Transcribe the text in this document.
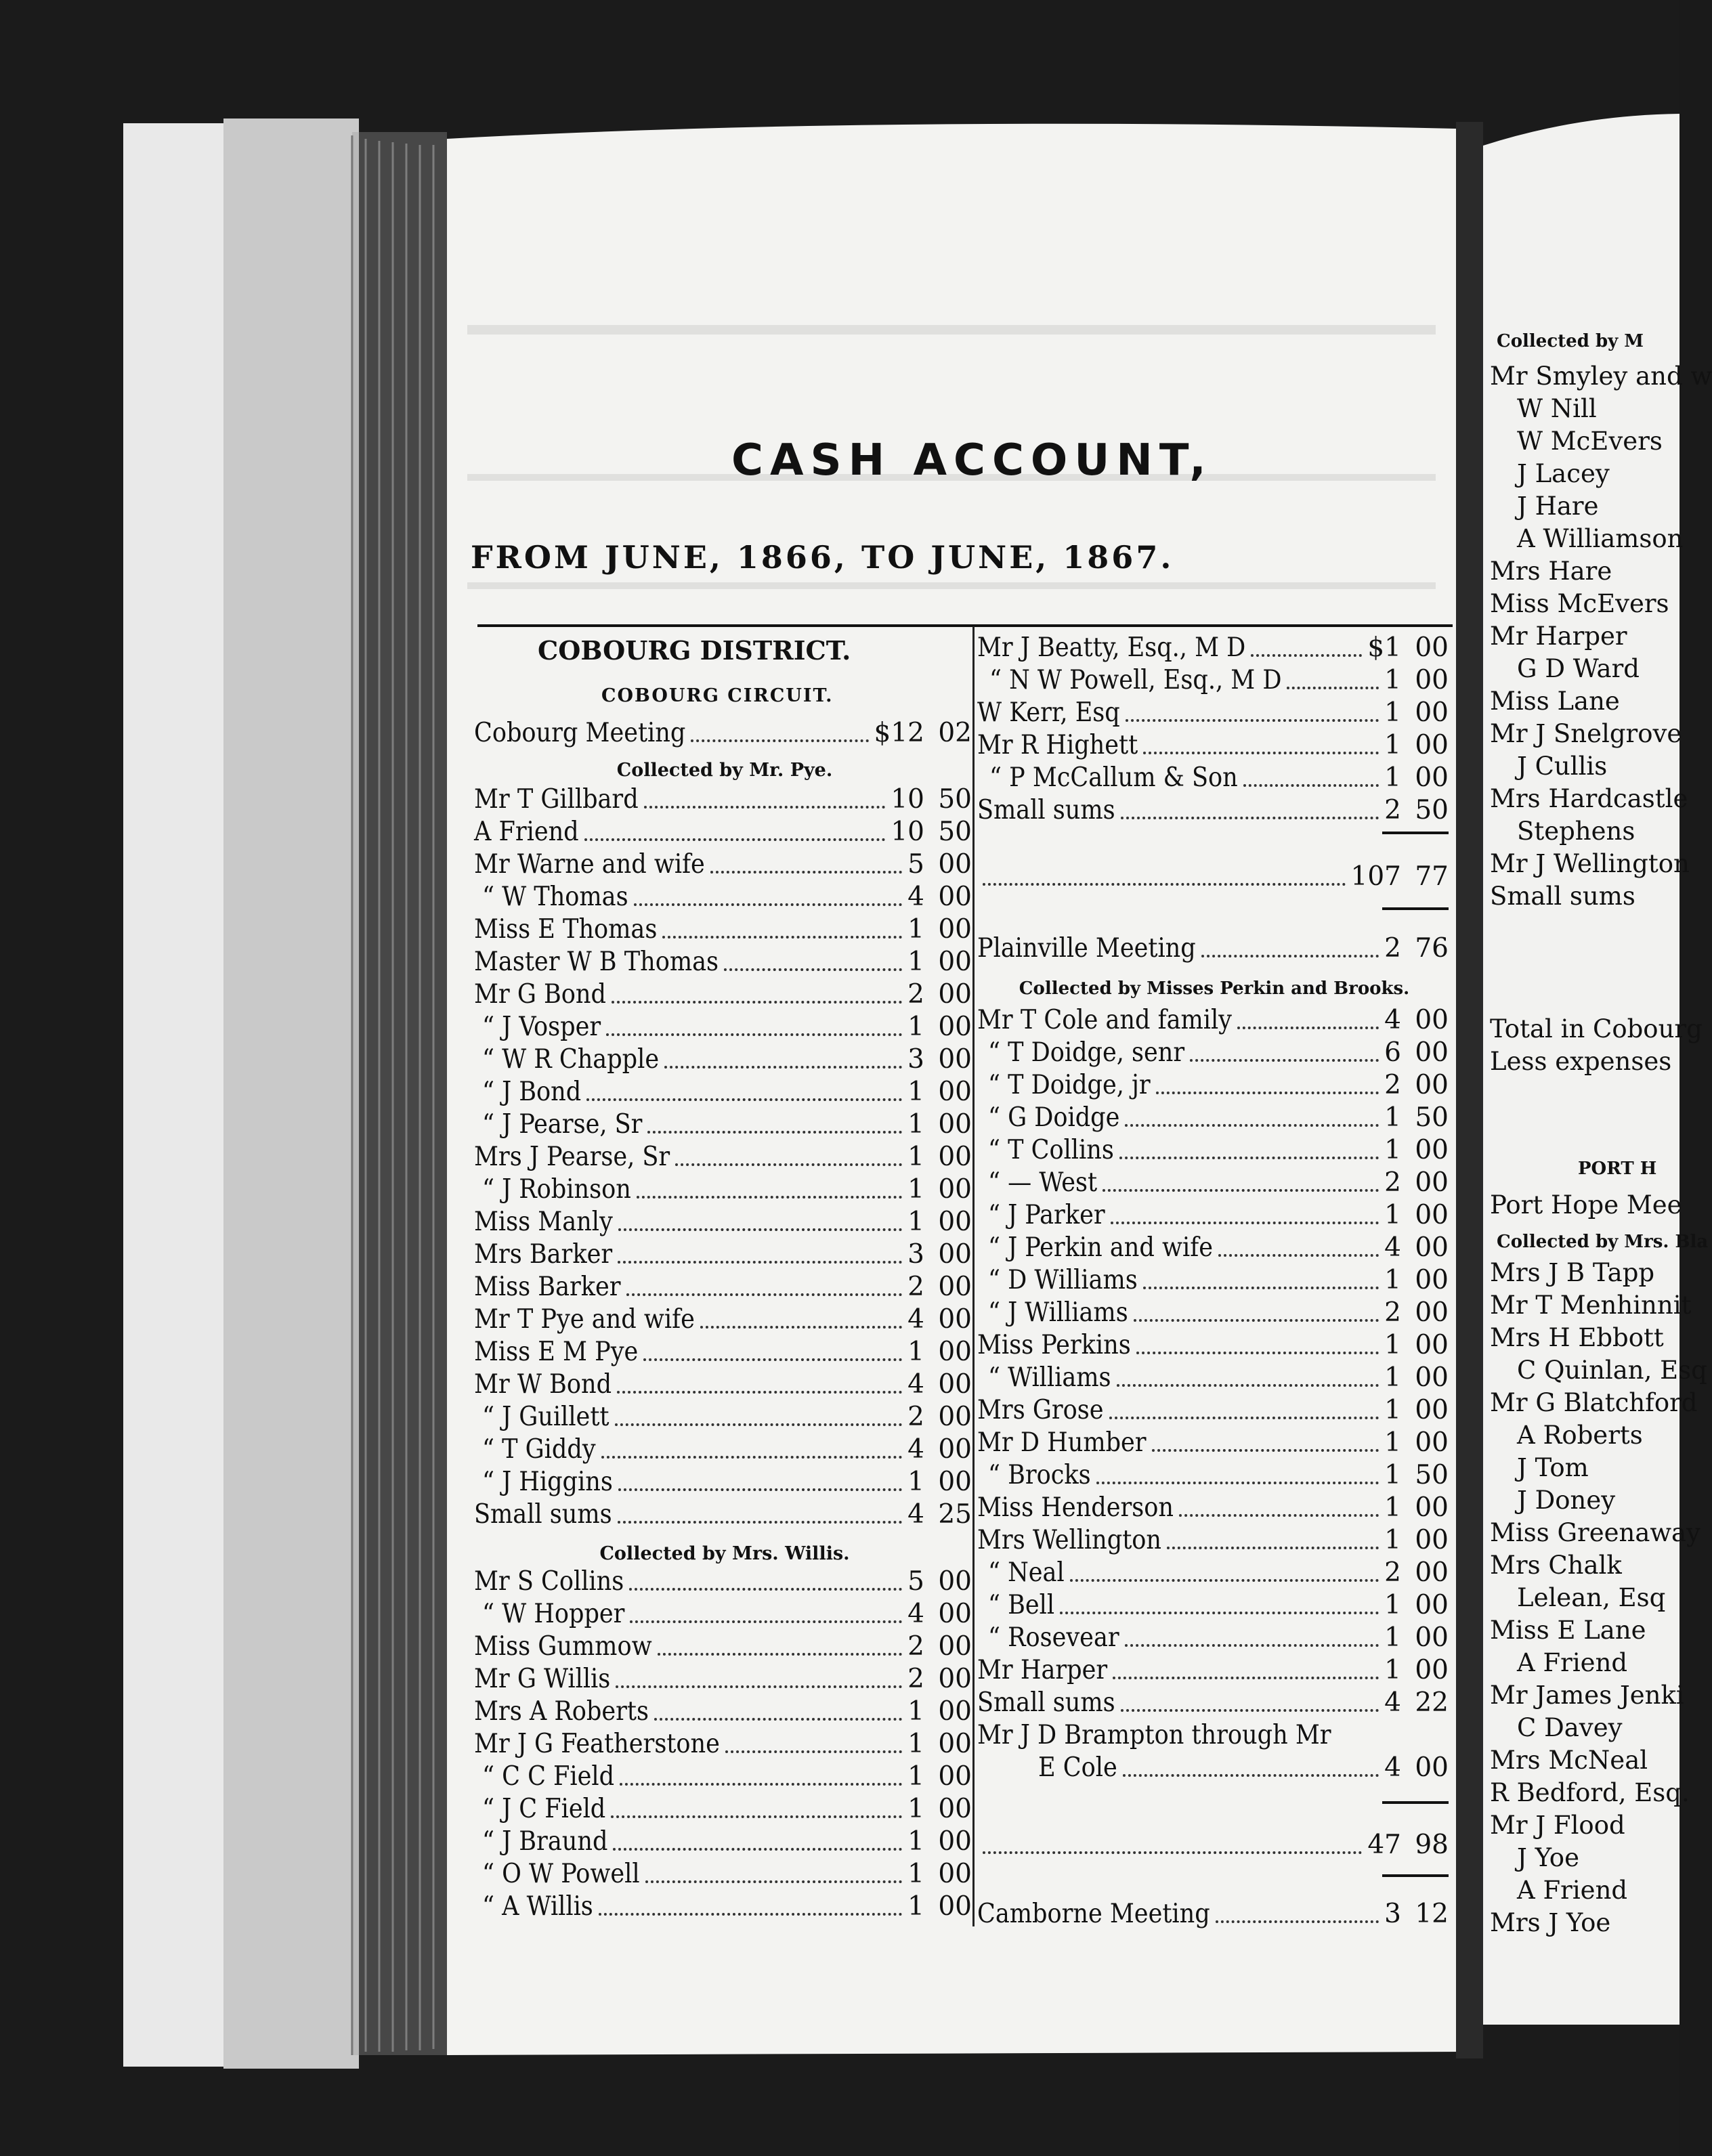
CASH ACCOUNT,
FROM JUNE, 1866, TO JUNE, 1867.
COBOURG DISTRICT.
COBOURG CIRCUIT.
Cobourg Meeting	$12 02
Collected by Mr. Pye.
Mr T Gillbard	10 50
A Friend	10 50
Mr Warne and wife	5 00
“ W Thomas	4 00
Miss E Thomas	1 00
Master W B Thomas	1 00
Mr G Bond	2 00
“ J Vosper	1 00
“ W R Chapple	3 00
“ J Bond	1 00
“ J Pearse, Sr	1 00
Mrs J Pearse, Sr	1 00
“ J Robinson	1 00
Miss Manly	1 00
Mrs Barker	3 00
Miss Barker	2 00
Mr T Pye and wife	4 00
Miss E M Pye	1 00
Mr W Bond	4 00
“ J Guillett	2 00
“ T Giddy	4 00
“ J Higgins	1 00
Small sums	4 25
Collected by Mrs. Willis.
Mr S Collins	5 00
“ W Hopper	4 00
Miss Gummow	2 00
Mr G Willis	2 00
Mrs A Roberts	1 00
Mr J G Featherstone	1 00
“ C C Field	1 00
“ J C Field	1 00
“ J Braund	1 00
“ O W Powell	1 00
“ A Willis	1 00
Mr J Beatty, Esq., M D	$1 00
“ N W Powell, Esq., M D	1 00
W Kerr, Esq	1 00
Mr R Highett	1 00
“ P McCallum & Son	1 00
Small sums	2 50
107 77
Plainville Meeting	2 76
Collected by Misses Perkin and Brooks.
Mr T Cole and family	4 00
“ T Doidge, senr	6 00
“ T Doidge, jr	2 00
“ G Doidge	1 50
“ T Collins	1 00
“ — West	2 00
“ J Parker	1 00
“ J Perkin and wife	4 00
“ D Williams	1 00
“ J Williams	2 00
Miss Perkins	1 00
“ Williams	1 00
Mrs Grose	1 00
Mr D Humber	1 00
“ Brocks	1 50
Miss Henderson	1 00
Mrs Wellington	1 00
“ Neal	2 00
“ Bell	1 00
“ Rosevear	1 00
Mr Harper	1 00
Small sums	4 22
Mr J D Brampton through Mr
E Cole	4 00
47 98
Camborne Meeting	3 12
Collected by M
Mr Smyley and w
W Nill
W McEvers
J Lacey
J Hare
A Williamson
Mrs Hare
Miss McEvers
Mr Harper
G D Ward
Miss Lane
Mr J Snelgrove
J Cullis
Mrs Hardcastle
Stephens
Mr J Wellington
Small sums
Total in Cobourg
Less expenses
PORT H
Port Hope Mee
Collected by Mrs. Bla
Mrs J B Tapp
Mr T Menhinnit
Mrs H Ebbott
C Quinlan, Esq
Mr G Blatchford
A Roberts
J Tom
J Doney
Miss Greenaway
Mrs Chalk
Lelean, Esq
Miss E Lane
A Friend
Mr James Jenki
C Davey
Mrs McNeal
R Bedford, Esq.
Mr J Flood
J Yoe
A Friend
Mrs J Yoe
